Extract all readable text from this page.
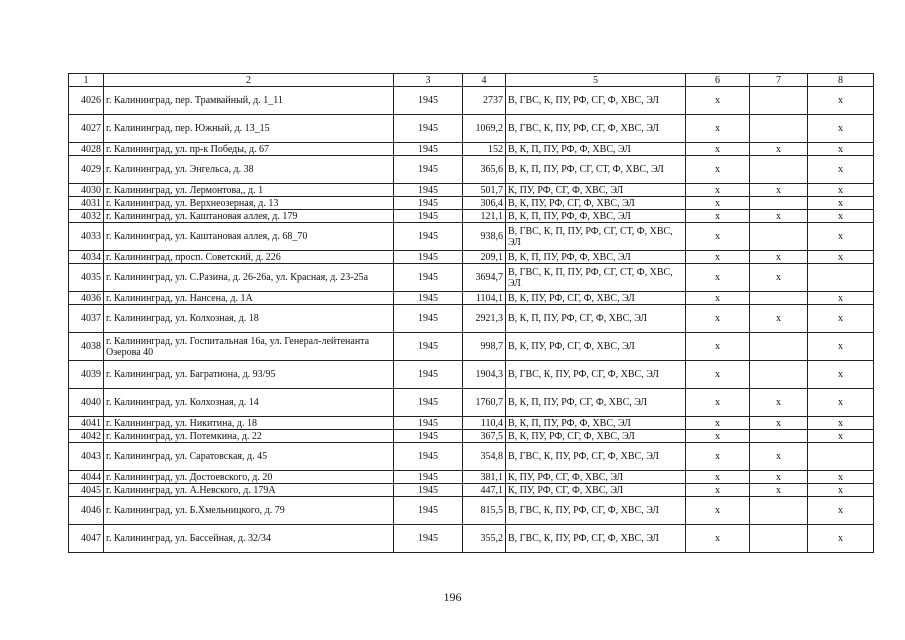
1	2	3	4	5	6	7	8
4026	г. Калининград, пер. Трамвайный, д. 1_11	1945	2737	В, ГВС, К, ПУ, РФ, СГ, Ф, ХВС, ЭЛ	х		х
4027	г. Калининград, пер. Южный, д. 13_15	1945	1069,2	В, ГВС, К, ПУ, РФ, СГ, Ф, ХВС, ЭЛ	х		х
4028	г. Калининград, ул. пр-к Победы, д. 67	1945	152	В, К, П, ПУ, РФ, Ф, ХВС, ЭЛ	х	х	х
4029	г. Калининград, ул. Энгельса, д. 38	1945	365,6	В, К, П, ПУ, РФ, СГ, СТ, Ф, ХВС, ЭЛ	х		х
4030	г. Калининград, ул. Лермонтова,, д. 1	1945	501,7	К, ПУ, РФ, СГ, Ф, ХВС, ЭЛ	х	х	х
4031	г. Калининград, ул. Верхнеозерная, д. 13	1945	306,4	В, К, ПУ, РФ, СГ, Ф, ХВС, ЭЛ	х		х
4032	г. Калининград, ул. Каштановая аллея, д. 179	1945	121,1	В, К, П, ПУ, РФ, Ф, ХВС, ЭЛ	х	х	х
4033	г. Калининград, ул. Каштановая аллея, д. 68_70	1945	938,6	В, ГВС, К, П, ПУ, РФ, СГ, СТ, Ф, ХВС, ЭЛ	х		х
4034	г. Калининград, просп. Советский, д. 226	1945	209,1	В, К, П, ПУ, РФ, Ф, ХВС, ЭЛ	х	х	х
4035	г. Калининград, ул. С.Разина, д. 26-26а, ул. Красная, д. 23-25а	1945	3694,7	В, ГВС, К, П, ПУ, РФ, СГ, СТ, Ф, ХВС, ЭЛ	х	х	
4036	г. Калининград, ул. Нансена, д. 1А	1945	1104,1	В, К, ПУ, РФ, СГ, Ф, ХВС, ЭЛ	х		х
4037	г. Калининград, ул. Колхозная, д. 18	1945	2921,3	В, К, П, ПУ, РФ, СГ, Ф, ХВС, ЭЛ	х	х	х
4038	г. Калининград, ул. Госпитальная 16а, ул. Генерал-лейтенанта Озерова 40	1945	998,7	В, К, ПУ, РФ, СГ, Ф, ХВС, ЭЛ	х		х
4039	г. Калининград, ул. Багратиона, д. 93/95	1945	1904,3	В, ГВС, К, ПУ, РФ, СГ, Ф, ХВС, ЭЛ	х		х
4040	г. Калининград, ул. Колхозная, д. 14	1945	1760,7	В, К, П, ПУ, РФ, СГ, Ф, ХВС, ЭЛ	х	х	х
4041	г. Калининград, ул. Никитина, д. 18	1945	110,4	В, К, П, ПУ, РФ, Ф, ХВС, ЭЛ	х	х	х
4042	г. Калининград, ул. Потемкина, д. 22	1945	367,5	В, К, ПУ, РФ, СГ, Ф, ХВС, ЭЛ	х		х
4043	г. Калининград, ул. Саратовская, д. 45	1945	354,8	В, ГВС, К, ПУ, РФ, СГ, Ф, ХВС, ЭЛ	х	х	
4044	г. Калининград, ул. Достоевского, д. 20	1945	381,1	К, ПУ, РФ, СГ, Ф, ХВС, ЭЛ	х	х	х
4045	г. Калининград, ул. А.Невского, д. 179А	1945	447,1	К, ПУ, РФ, СГ, Ф, ХВС, ЭЛ	х	х	х
4046	г. Калининград, ул. Б.Хмельницкого, д. 79	1945	815,5	В, ГВС, К, ПУ, РФ, СГ, Ф, ХВС, ЭЛ	х		х
4047	г. Калининград, ул. Бассейная, д. 32/34	1945	355,2	В, ГВС, К, ПУ, РФ, СГ, Ф, ХВС, ЭЛ	х		х
196
